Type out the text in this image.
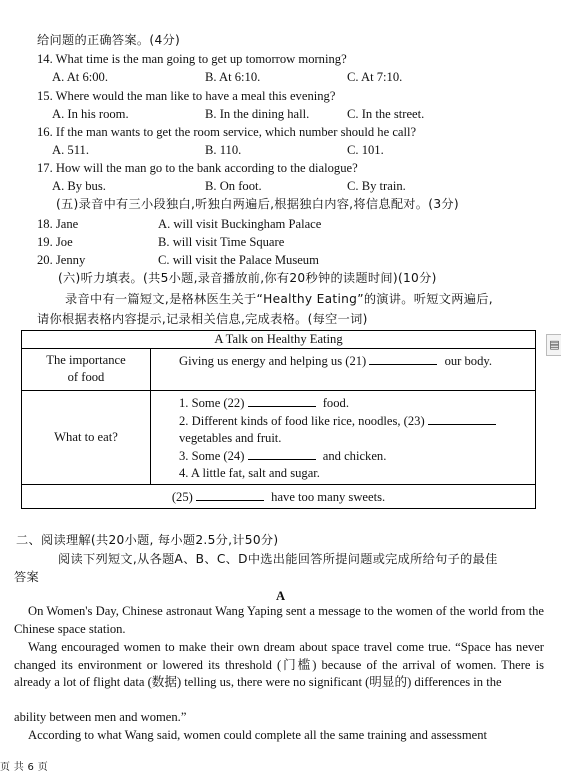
给问题的正确答案。(4分)
14. What time is the man going to get up tomorrow morning?
A. At 6:00.	B. At 6:10.	C. At 7:10.
15. Where would the man like to have a meal this evening?
A. In his room.	B. In the dining hall.	C. In the street.
16. If the man wants to get the room service, which number should he call?
A. 511.	B. 110.	C. 101.
17. How will the man go to the bank according to the dialogue?
A. By bus.	B. On foot.	C. By train.
(五)录音中有三小段独白,听独白两遍后,根据独白内容,将信息配对。(3分)
18. Jane	A. will visit Buckingham Palace
19. Joe	B. will visit Time Square
20. Jenny	C. will visit the Palace Museum
(六)听力填表。(共5小题,录音播放前,你有20秒钟的读题时间)(10分)
录音中有一篇短文,是格林医生关于“Healthy Eating”的演讲。听短文两遍后,
请你根据表格内容提示,记录相关信息,完成表格。(每空一词)
A Talk on Healthy Eating	

The importance
of food	Giving us energy and helping us (21) our body.

What to eat?	1. Some (22) food.
2. Different kinds of food like rice, noodles, (23)
vegetables and fruit.
3. Some (24) and chicken.
4. A little fat, salt and sugar.

(25) have too many sweets.	
▤
二、阅读理解(共20小题, 每小题2.5分,计50分)
阅读下列短文,从各题A、B、C、D中选出能回答所提问题或完成所给句子的最佳
答案
A
On Women's Day, Chinese astronaut Wang Yaping sent a message to the women of the world from the Chinese space station.
Wang encouraged women to make their own dream about space travel come true. “Space has never changed its environment or lowered its threshold (门槛) because of the arrival of women. There is already a lot of flight data (数据) telling us, there were no significant (明显的) differences in the
ability between men and women.”
According to what Wang said, women could complete all the same training and assessment
页 共 6 页
